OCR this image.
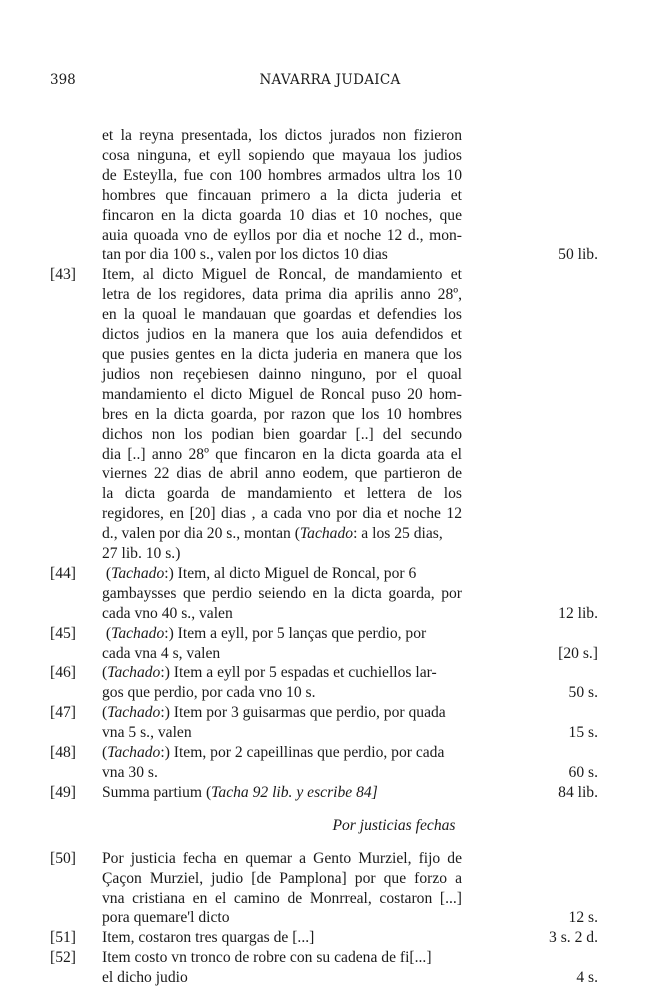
398	NAVARRA JUDAICA
et la reyna presentada, los dictos jurados non fizieron
cosa ninguna, et eyll sopiendo que mayaua los judios
de Esteylla, fue con 100 hombres armados ultra los 10
hombres que fincauan primero a la dicta juderia et
fincaron en la dicta goarda 10 dias et 10 noches, que
auia quoada vno de eyllos por dia et noche 12 d., mon-
tan por dia 100 s., valen por los dictos 10 dias	50 lib.
[43]	Item, al dicto Miguel de Roncal, de mandamiento et
letra de los regidores, data prima dia aprilis anno 28º,
en la quoal le mandauan que goardas et defendies los
dictos judios en la manera que los auia defendidos et
que pusies gentes en la dicta juderia en manera que los
judios non reçebiesen dainno ninguno, por el quoal
mandamiento el dicto Miguel de Roncal puso 20 hom-
bres en la dicta goarda, por razon que los 10 hombres
dichos non los podian bien goardar [..] del secundo
dia [..] anno 28º que fincaron en la dicta goarda ata el
viernes 22 dias de abril anno eodem, que partieron de
la dicta goarda de mandamiento et lettera de los
regidores, en [20] dias , a cada vno por dia et noche 12
d., valen por dia 20 s., montan (Tachado: a los 25 dias,
27 lib. 10 s.)
[44]	(Tachado:) Item, al dicto Miguel de Roncal, por 6
gambaysses que perdio seiendo en la dicta goarda, por
cada vno 40 s., valen	12 lib.
[45]	(Tachado:) Item a eyll, por 5 lanças que perdio, por
cada vna 4 s, valen	[20 s.]
[46]	(Tachado:) Item a eyll por 5 espadas et cuchiellos lar-
gos que perdio, por cada vno 10 s.	50 s.
[47]	(Tachado:) Item por 3 guisarmas que perdio, por quada
vna 5 s., valen	15 s.
[48]	(Tachado:) Item, por 2 capeillinas que perdio, por cada
vna 30 s.	60 s.
[49]	Summa partium (Tacha 92 lib. y escribe 84]	84 lib.
Por justicias fechas
[50]	Por justicia fecha en quemar a Gento Murziel, fijo de
Çaçon Murziel, judio [de Pamplona] por que forzo a
vna cristiana en el camino de Monrreal, costaron [...]
pora quemare'l dicto	12 s.
[51]	Item, costaron tres quargas de [...]	3 s. 2 d.
[52]	Item costo vn tronco de robre con su cadena de fi[...]
el dicho judio	4 s.
